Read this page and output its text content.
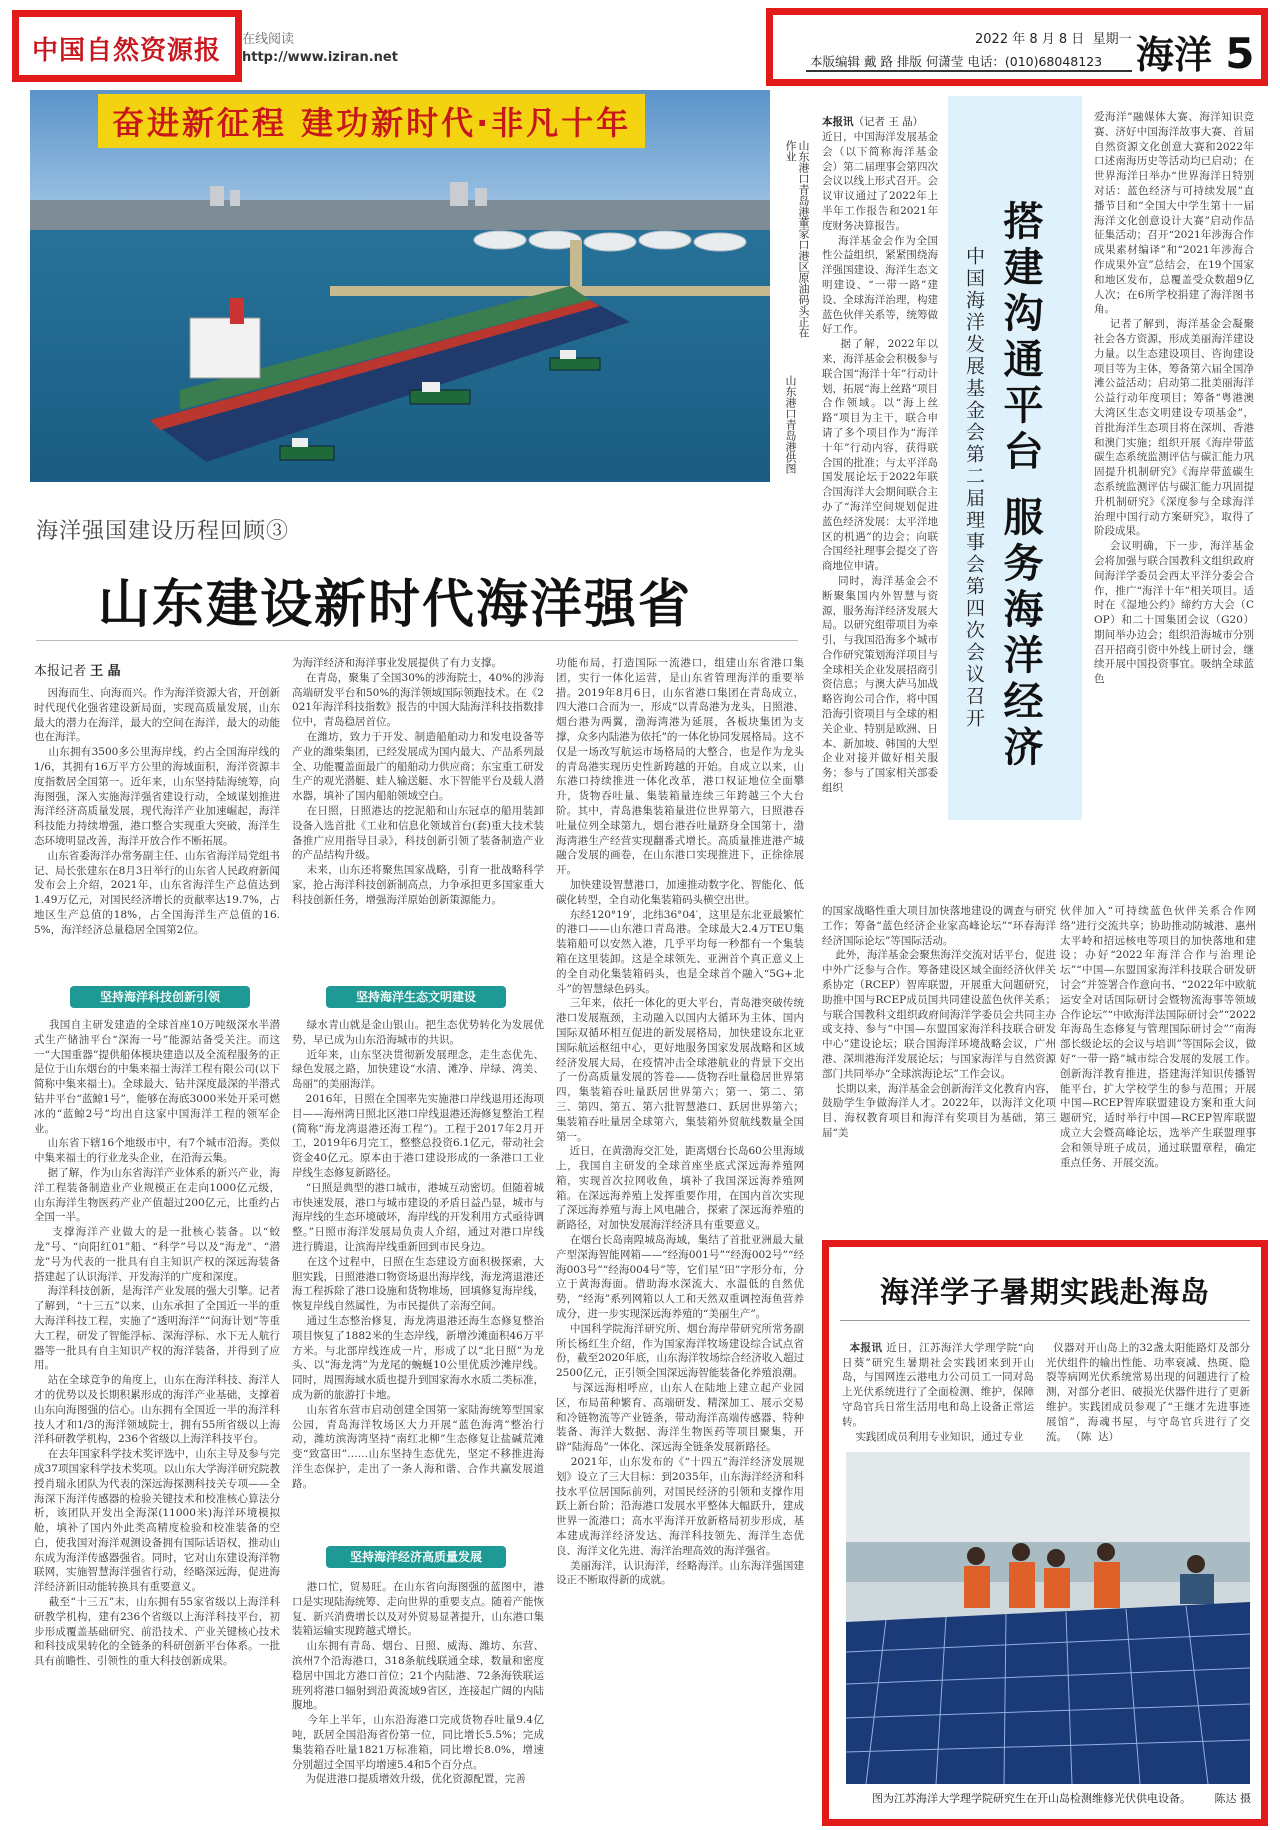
中国自然资源报 在线阅读
http://www.iziran.net
2022 年 8 月 8 日 星期一
本版编辑 戴 路 排版 何潇莹 电话：(010)68048123 海洋 5
奋进新征程 建功新时代·非凡十年
山东港口青岛港董家口港区原油码头正在作业
山东港口青岛港供图
海洋强国建设历程回顾③
山东建设新时代海洋强省
本报记者 王 晶
因海而生、向海而兴。作为海洋资源大省，开创新时代现代化强省建设新局面，实现高质量发展，山东最大的潜力在海洋，最大的空间在海洋，最大的动能也在海洋。
山东拥有3500多公里海岸线，约占全国海岸线的1/6，其拥有16万平方公里的海域面积，海洋资源丰度指数居全国第一。近年来，山东坚持陆海统筹，向海图强，深入实施海洋强省建设行动，全域谋划推进海洋经济高质量发展，现代海洋产业加速崛起，海洋科技能力持续增强，港口整合实现重大突破，海洋生态环境明显改善，海洋开放合作不断拓展。
山东省委海洋办常务副主任、山东省海洋局党组书记、局长张建东在8月3日举行的山东省人民政府新闻发布会上介绍，2021年，山东省海洋生产总值达到1.49万亿元，对国民经济增长的贡献率达19.7%，占地区生产总值的18%，占全国海洋生产总值的16.5%，海洋经济总量稳居全国第2位。
坚持海洋科技创新引领
我国自主研发建造的全球首座10万吨级深水半潜式生产储油平台“深海一号”能源站备受关注。而这一“大国重器”提供船体模块建造以及全流程服务的正是位于山东烟台的中集来福士海洋工程有限公司(以下简称中集来福士)。全球最大、钻井深度最深的半潜式钻井平台“蓝鲸1号”，能够在海底3000米处开采可燃冰的“蓝鲸2号”均出自这家中国海洋工程的领军企业。
山东省下辖16个地级市中，有7个城市沿海。类似中集来福士的行业龙头企业，在沿海云集。
据了解，作为山东省海洋产业体系的新兴产业，海洋工程装备制造业产业规模正在走向1000亿元级，山东海洋生物医药产业产值超过200亿元，比重约占全国一半。
支撑海洋产业做大的是一批核心装备。以“蛟龙”号、“向阳红01”船、“科学”号以及“海龙”、“潜龙”号为代表的一批具有自主知识产权的深远海装备搭建起了认识海洋、开发海洋的广度和深度。
海洋科技创新，是海洋产业发展的强大引擎。记者了解到，“十三五”以来，山东承担了全国近一半的重大海洋科技工程，实施了“透明海洋”“问海计划”等重大工程，研发了智能浮标、深海浮标、水下无人航行器等一批具有自主知识产权的海洋装备，并得到了应用。
站在全球竞争的角度上，山东在海洋科技、海洋人才的优势以及长期积累形成的海洋产业基础，支撑着山东向海图强的信心。山东拥有全国近一半的海洋科技人才和1/3的海洋领域院士，拥有55所省级以上海洋科研教学机构，236个省级以上海洋科技平台。
在去年国家科学技术奖评选中，山东主导及参与完成37项国家科学技术奖项。以山东大学海洋研究院教授肖瑞永团队为代表的深远海探测科技关专项——全海深下海洋传感器的检验关键技术和校准核心算法分析，该团队开发出全海深(11000米)海洋环境模拟舱，填补了国内外此类高精度检验和校准装备的空白，使我国对海洋观测设备拥有国际话语权，推动山东成为海洋传感器强省。同时，它对山东建设海洋物联网，实施智慧海洋强省行动，经略深远海，促进海洋经济新旧动能转换具有重要意义。
截至“十三五”末，山东拥有55家省级以上海洋科研教学机构，建有236个省级以上海洋科技平台，初步形成覆盖基础研究、前沿技术、产业关键核心技术和科技成果转化的全链条的科研创新平台体系。一批具有前瞻性、引领性的重大科技创新成果。
为海洋经济和海洋事业发展提供了有力支撑。
在青岛，聚集了全国30%的涉海院士，40%的涉海高端研发平台和50%的海洋领域国际领跑技术。在《2021年海洋科技指数》报告的中国大陆海洋科技指数排位中，青岛稳居首位。
在潍坊，致力于开发、制造船舶动力和发电设备等产业的潍柴集团，已经发展成为国内最大、产品系列最全、功能覆盖面最广的船舶动力供应商；东宝重工研发生产的观光潜艇、蛙人输送艇、水下智能平台及载人潜水器，填补了国内船舶领域空白。
在日照，日照港达的挖泥船和山东冠卓的船用装卸设备入选首批《工业和信息化领域首台(套)重大技术装备推广应用指导目录》，科技创新引领了装备制造产业的产品结构升级。
未来，山东还将聚焦国家战略，引育一批战略科学家，抢占海洋科技创新制高点，力争承担更多国家重大科技创新任务，增强海洋原始创新策源能力。
坚持海洋生态文明建设
绿水青山就是金山银山。把生态优势转化为发展优势，早已成为山东沿海城市的共识。
近年来，山东坚决贯彻新发展理念，走生态优先、绿色发展之路，加快建设“水清、滩净、岸绿、湾美、岛丽”的美丽海洋。
2016年，日照在全国率先实施港口岸线退用还海项目——海州湾日照北区港口岸线退港还海修复整治工程(简称“海龙湾退港还海工程”)。工程于2017年2月开工，2019年6月完工，整整总投资6.1亿元，带动社会资金40亿元。原本由于港口建设形成的一条港口工业岸线生态修复新路径。
“日照是典型的港口城市，港城互动密切。但随着城市快速发展，港口与城市建设的矛盾日益凸显，城市与海岸线的生态环境破坏，海岸线的开发利用方式亟待调整。”日照市海洋发展局负责人介绍，通过对港口岸线进行腾退，让滨海岸线重新回到市民身边。
在这个过程中，日照在生态建设方面积极探索，大胆实践，日照港港口物资场退出海岸线，海龙湾退港还海工程拆除了港口设施和货物堆场，回填修复海岸线，恢复岸线自然属性，为市民提供了亲海空间。
通过生态整治修复，海龙湾退港还海生态修复整治项目恢复了1882米的生态岸线，新增沙滩面积46万平方米。与北部岸线连成一片，形成了以“北日照”为龙头、以“海龙湾”为龙尾的蜿蜒10公里优质沙滩岸线。同时，周围海域水质也提升到国家海水水质二类标准，成为新的旅游打卡地。
山东省东营市启动创建全国第一家陆海统筹型国家公园，青岛海洋牧场区大力开展“蓝色海湾”整治行动，潍坊滨海湾坚持“南红北柳”生态修复让盐碱荒滩变“致富田”……山东坚持生态优先，坚定不移推进海洋生态保护，走出了一条人海和谐、合作共赢发展道路。
坚持海洋经济高质量发展
港口忙，贸易旺。在山东省向海图强的蓝图中，港口是实现陆海统筹、走向世界的重要支点。随着产能恢复、新兴消费增长以及对外贸易显著提升，山东港口集装箱运输实现跨越式增长。
山东拥有青岛、烟台、日照、威海、潍坊、东营、滨州7个沿海港口，318条航线联通全球，数量和密度稳居中国北方港口首位；21个内陆港、72条海铁联运班列将港口辐射到沿黄流域9省区，连接起广阔的内陆腹地。
今年上半年，山东沿海港口完成货物吞吐量9.4亿吨，跃居全国沿海省份第一位，同比增长5.5%；完成集装箱吞吐量1821万标准箱，同比增长8.0%，增速分别超过全国平均增速5.4和5个百分点。
为促进港口提质增效升级，优化资源配置，完善
功能布局，打造国际一流港口，组建山东省港口集团，实行一体化运营，是山东省管理海洋的重要举措。2019年8月6日，山东省港口集团在青岛成立，四大港口合而为一，形成“以青岛港为龙头，日照港、烟台港为两翼，渤海湾港为延展，各板块集团为支撑，众多内陆港为依托”的一体化协同发展格局。这不仅是一场改写航运市场格局的大整合，也是作为龙头的青岛港实现历史性新跨越的开始。自成立以来，山东港口持续推进一体化改革，港口权证地位全面攀升，货物吞吐量、集装箱量连续三年跨越三个大台阶。其中，青岛港集装箱量进位世界第六，日照港吞吐量位列全球第九，烟台港吞吐量跻身全国第十，渤海湾港生产经营实现翻番式增长。高质量推进港产城融合发展的画卷，在山东港口实现推进下，正徐徐展开。
加快建设智慧港口，加速推动数字化、智能化、低碳化转型，全自动化集装箱码头横空出世。
东经120°19′，北纬36°04′，这里是东北亚最繁忙的港口——山东港口青岛港。全球最大2.4万TEU集装箱船可以安然入港，几乎平均每一秒都有一个集装箱在这里装卸。这是全球领先、亚洲首个真正意义上的全自动化集装箱码头，也是全球首个融入“5G+北斗”的智慧绿色码头。
三年来，依托一体化的更大平台，青岛港突破传统港口发展瓶颈，主动融入以国内大循环为主体、国内国际双循环相互促进的新发展格局，加快建设东北亚国际航运枢纽中心，更好地服务国家发展战略和区域经济发展大局，在疫情冲击全球港航业的背景下交出了一份高质量发展的答卷——货物吞吐量稳居世界第四，集装箱吞吐量跃居世界第六；第一、第二、第三、第四、第五、第六批智慧港口、跃居世界第六；集装箱吞吐量居全球第六，集装箱外贸航线数量全国第一。
近日，在黄渤海交汇处，距离烟台长岛60公里海域上，我国自主研发的全球首座坐底式深远海养殖网箱，实现首次拉网收鱼，填补了我国深远海养殖网箱。在深远海养殖上发挥重要作用，在国内首次实现了深远海养殖与海上风电融合，探索了深远海养殖的新路径，对加快发展海洋经济具有重要意义。
在烟台长岛南隍城岛海域，集结了首批亚洲最大量产型深海智能网箱——“经海001号”“经海002号”“经海003号”“经海004号”等，它们星“田”字形分布，分立于黄海海面。借助海水深流大、水温低的自然优势，“经海”系列网箱以人工和天然双重调控海鱼营养成分，进一步实现深远海养殖的“美丽生产”。
中国科学院海洋研究所、烟台海岸带研究所常务副所长杨红生介绍，作为国家海洋牧场建设综合试点省份，截至2020年底，山东海洋牧场综合经济收入超过2500亿元，正引领全国深远海智能装备化养殖浪潮。
与深远海相呼应，山东人在陆地上建立起产业园区，布局苗种繁育、高端研发、精深加工、展示交易和冷链物流等产业链条，带动海洋高端传感器、特种装备、海洋大数据、海洋生物医药等项目聚集，开辟“陆海岛”一体化、深远海全链条发展新路径。
2021年，山东发布的《“十四五”海洋经济发展规划》设立了三大目标：到2035年，山东海洋经济和科技水平位居国际前列，对国民经济的引领和支撑作用跃上新台阶；沿海港口发展水平整体大幅跃升，建成世界一流港口；高水平海洋开放新格局初步形成，基本建成海洋经济发达、海洋科技领先、海洋生态优良、海洋文化先进、海洋治理高效的海洋强省。
美丽海洋，认识海洋，经略海洋。山东海洋强国建设正不断取得新的成就。
搭建沟通平台 服务海洋经济
中国海洋发展基金会第二届理事会第四次会议召开
本报讯（记者 王 晶）
近日，中国海洋发展基金会（以下简称海洋基金会）第二届理事会第四次会议以线上形式召开。会议审议通过了2022年上半年工作报告和2021年度财务决算报告。
海洋基金会作为全国性公益组织，紧紧围绕海洋强国建设、海洋生态文明建设、“一带一路”建设、全球海洋治理，构建蓝色伙伴关系等，统筹做好工作。
据了解，2022年以来，海洋基金会积极参与联合国“海洋十年”行动计划，拓展“海上丝路”项目合作领域。以“海上丝路”项目为主干，联合申请了多个项目作为“海洋十年”行动内容，获得联合国的批准；与太平洋岛国发展论坛于2022年联合国海洋大会期间联合主办了“海洋空间规划促进蓝色经济发展：太平洋地区的机遇”的边会；向联合国经社理事会提交了咨商地位申请。
同时，海洋基金会不断聚集国内外智慧与资源，服务海洋经济发展大局。以研究组带项目为牵引，与我国沿海多个城市合作研究策划海洋项目与全球相关企业发展招商引资信息；与澳大萨马加战略咨询公司合作，将中国沿海引资项目与全球的相关企业、特别是欧洲、日本、新加坡、韩国的大型企业对接并做好相关服务；参与了国家相关部委组织
的国家战略性重大项目加快落地建设的调查与研究工作；筹备“蓝色经济企业家高峰论坛”“环春海洋经济国际论坛”等国际活动。
此外，海洋基金会聚焦海洋交流对话平台，促进中外广泛参与合作。筹备建设区域全面经济伙伴关系协定（RCEP）智库联盟，开展重大问题研究，助推中国与RCEP成员国共同建设蓝色伙伴关系；与联合国教科文组织政府间海洋学委员会共同主办或支持、参与“中国—东盟国家海洋科技联合研发中心”建设论坛；联合国海洋环境战略会议，广州港、深圳港海洋发展论坛；与国家海洋与自然资源部门共同举办“全球滨海论坛”工作会议。
长期以来，海洋基金会创新海洋文化教育内容，鼓励学生争做海洋人才。2022年，以海洋文化项目、海权教育项目和海洋有奖项目为基础，第三届“美
爱海洋”融媒体大赛、海洋知识竞赛、济好中国海洋故事大赛、首届自然资源文化创意大赛和2022年口述南海历史等活动均已启动；在世界海洋日举办“世界海洋日特别对话：蓝色经济与可持续发展”直播节目和“全国大中学生第十一届海洋文化创意设计大赛”启动作品征集活动；召开“2021年涉海合作成果素材编译”和“2021年涉海合作成果外宣”总结会，在19个国家和地区发布，总覆盖受众数超9亿人次；在6所学校捐建了海洋图书角。
记者了解到，海洋基金会凝聚社会各方资源，形成美丽海洋建设力量。以生态建设项目、咨询建设项目等为主体，筹备第六届全国净滩公益活动；启动第二批美丽海洋公益行动年度项目；筹备“粤港澳大湾区生态文明建设专项基金”，首批海洋生态项目将在深圳、香港和澳门实施；组织开展《海岸带蓝碳生态系统监测评估与碳汇能力巩固提升机制研究》《海岸带蓝碳生态系统监测评估与碳汇能力巩固提升机制研究》《深度参与全球海洋治理中国行动方案研究》，取得了阶段成果。
会议明确，下一步，海洋基金会将加强与联合国教科文组织政府间海洋学委员会西太平洋分委会合作，推广“海洋十年”相关项目。适时在《湿地公约》缔约方大会（COP）和二十国集团会议（G20）期间举办边会；组织沿海城市分别召开招商引资中外线上研讨会，继续开展中国投资事宜。吸纳全球蓝色
伙伴加入“可持续蓝色伙伴关系合作网络”进行交流共享；协助推动防城港、惠州太平岭和招远核电等项目的加快落地和建设；办好“2022年海洋合作与治理论坛”“中国—东盟国家海洋科技联合研发研讨会”并签署合作意向书、“2022年中欧航运安全对话国际研讨会暨物流海事等领域合作论坛”“中欧海洋法国际研讨会”“2022年海岛生态修复与管理国际研讨会”“南海部长级论坛的会议与培训”等国际会议，做好“一带一路”城市综合发展的发展工作。创新海洋教育推进，搭建海洋知识传播智能平台，扩大学校学生的参与范围；开展中国—RCEP智库联盟建设方案和重大问题研究，适时举行中国—RCEP智库联盟成立大会暨高峰论坛，选举产生联盟理事会和领导班子成员，通过联盟章程，确定重点任务、开展交流。
海洋学子暑期实践赴海岛

本报讯 近日，江苏海洋大学理学院“向日葵”研究生暑期社会实践团来到开山岛，与国网连云港电力公司员工一同对岛上光伏系统进行了全面检测、维护，保障守岛官兵日常生活用电和岛上设备正常运转。
实践团成员利用专业知识，通过专业

仪器对开山岛上的32盏太阳能路灯及部分光伏组件的输出性能、功率衰减、热斑、隐裂等病网光伏系统常易出现的问题进行了检测，对部分老旧、破损光伏器件进行了更新维护。实践团成员参观了“王继才先进事迹展馆”，海魂书屋，与守岛官兵进行了交流。 （陈  达）

图为江苏海洋大学理学院研究生在开山岛检测维修光伏供电设备。 陈达 摄
